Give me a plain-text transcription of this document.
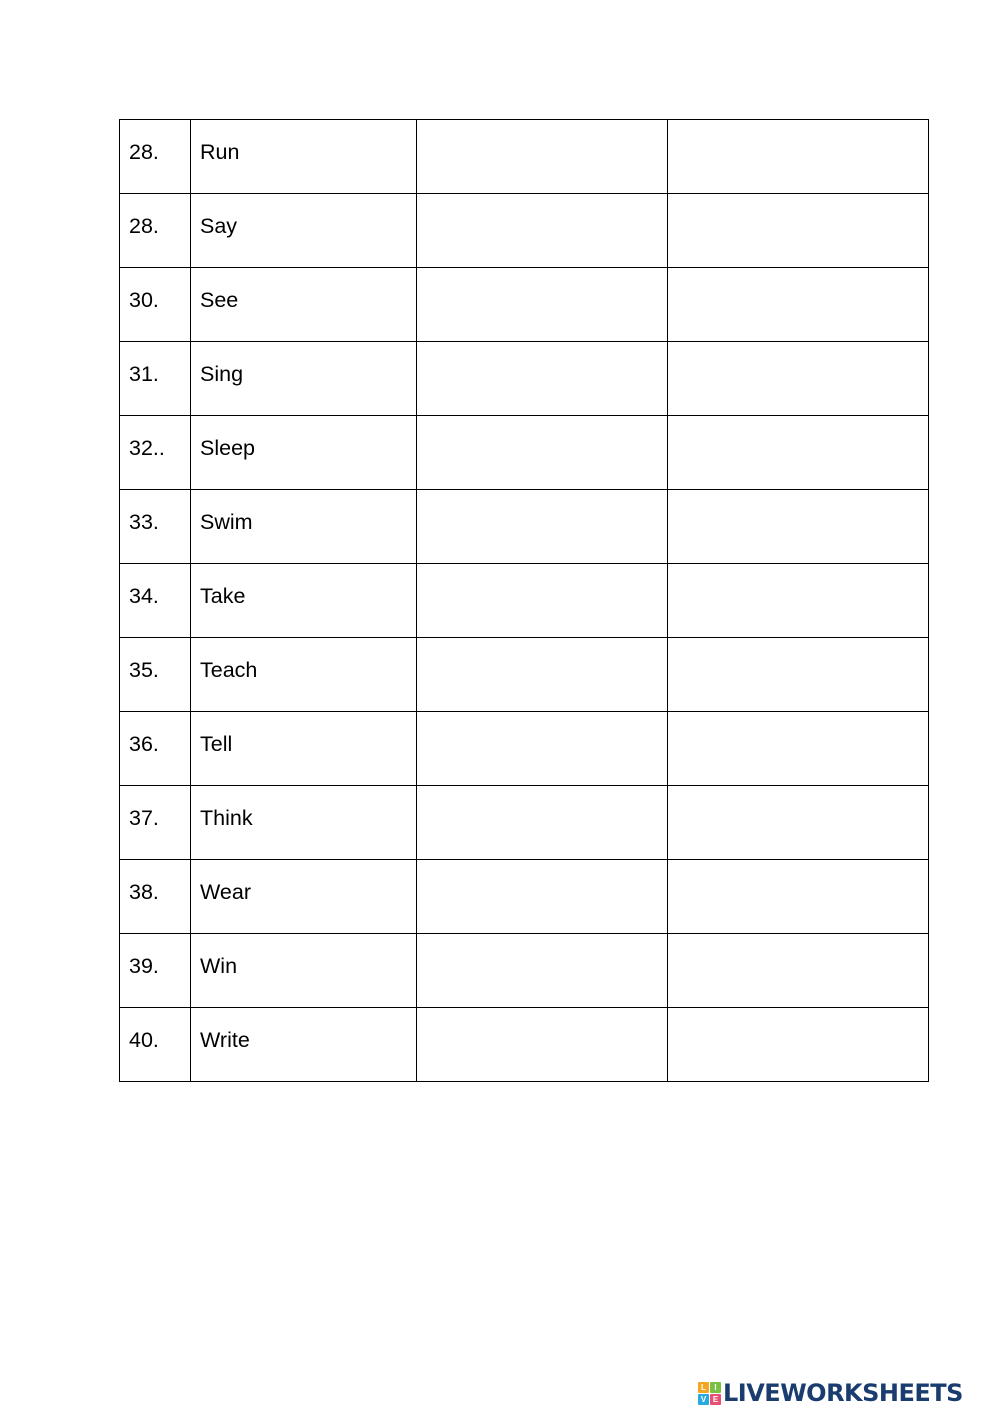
28.	Run		
28.	Say		
30.	See		
31.	Sing		
32..	Sleep		
33.	Swim		
34.	Take		
35.	Teach		
36.	Tell		
37.	Think		
38.	Wear		
39.	Win		
40.	Write		
L	I
V E LIVEWORKSHEETS
